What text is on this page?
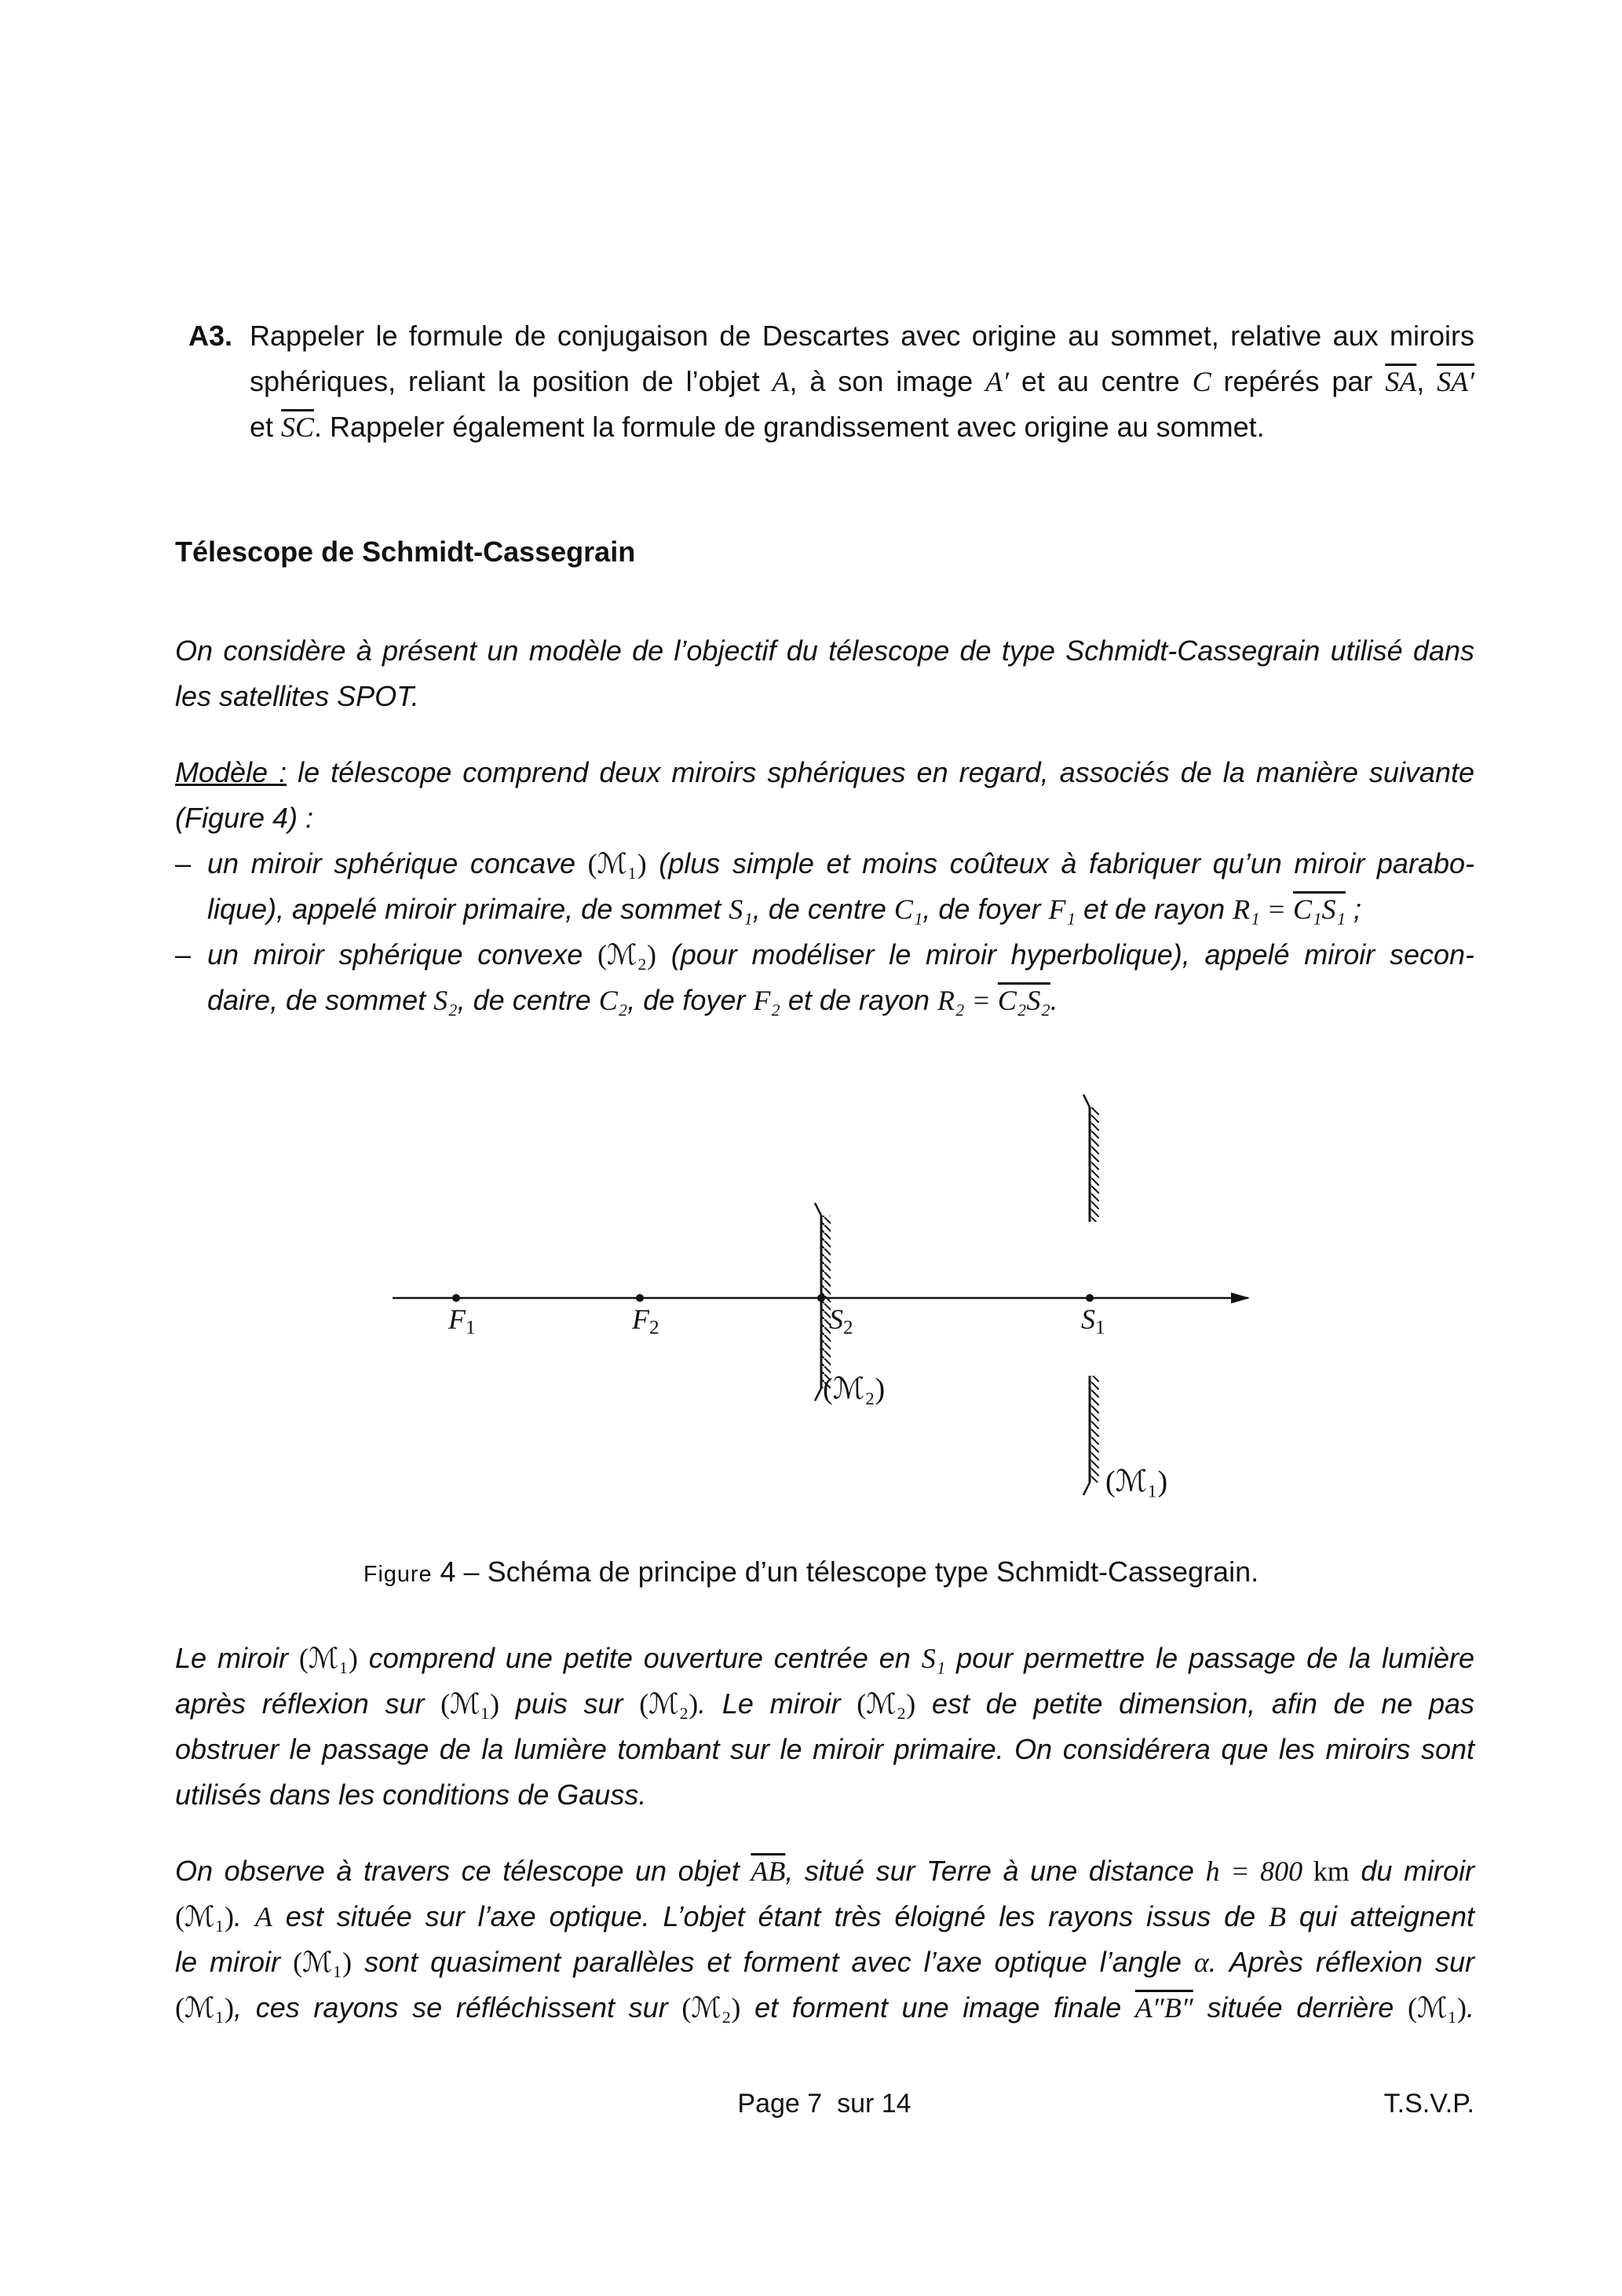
A3. Rappeler le formule de conjugaison de Descartes avec origine au sommet, relative aux miroirs
sphériques, reliant la position de l’objet A, à son image A′ et au centre C repérés par $\overline{SA}$, SA′
et $\overline{SC}$. Rappeler également la formule de grandissement avec origine au sommet.
Télescope de Schmidt-Cassegrain
On considère à présent un modèle de l’objectif du télescope de type Schmidt-Cassegrain utilisé dans
les satellites SPOT.
Modèle : le télescope comprend deux miroirs sphériques en regard, associés de la manière suivante
(Figure 4) :
– un miroir sphérique concave (ℳ₁) (plus simple et moins coûteux à fabriquer qu’un miroir parabo-
lique), appelé miroir primaire, de sommet S₁, de centre C₁, de foyer F₁ et de rayon R₁ = C₁S₁ ;
– un miroir sphérique convexe (ℳ₂) (pour modéliser le miroir hyperbolique), appelé miroir secon-
daire, de sommet S₂, de centre C₂, de foyer F₂ et de rayon R₂ = C₂S₂.
$F_1$	$F_2$	$S_2$	$S_1$
(ℳ₂)
(ℳ₁)
Figure 4 – Schéma de principe d’un télescope type Schmidt-Cassegrain.
Le miroir (ℳ₁) comprend une petite ouverture centrée en S₁ pour permettre le passage de la lumière
après réflexion sur (ℳ₁) puis sur (ℳ₂). Le miroir (ℳ₂) est de petite dimension, afin de ne pas
obstruer le passage de la lumière tombant sur le miroir primaire. On considérera que les miroirs sont
utilisés dans les conditions de Gauss.
On observe à travers ce télescope un objet $\overline{AB}$, situé sur Terre à une distance h = 800 km du miroir
(ℳ₁). A est située sur l’axe optique. L’objet étant très éloigné les rayons issus de B qui atteignent
le miroir (ℳ₁) sont quasiment parallèles et forment avec l’axe optique l’angle α. Après réflexion sur
(ℳ₁), ces rayons se réfléchissent sur (ℳ₂) et forment une image finale A″B″ située derrière (ℳ₁).
Page 7  sur 14	T.S.V.P.
